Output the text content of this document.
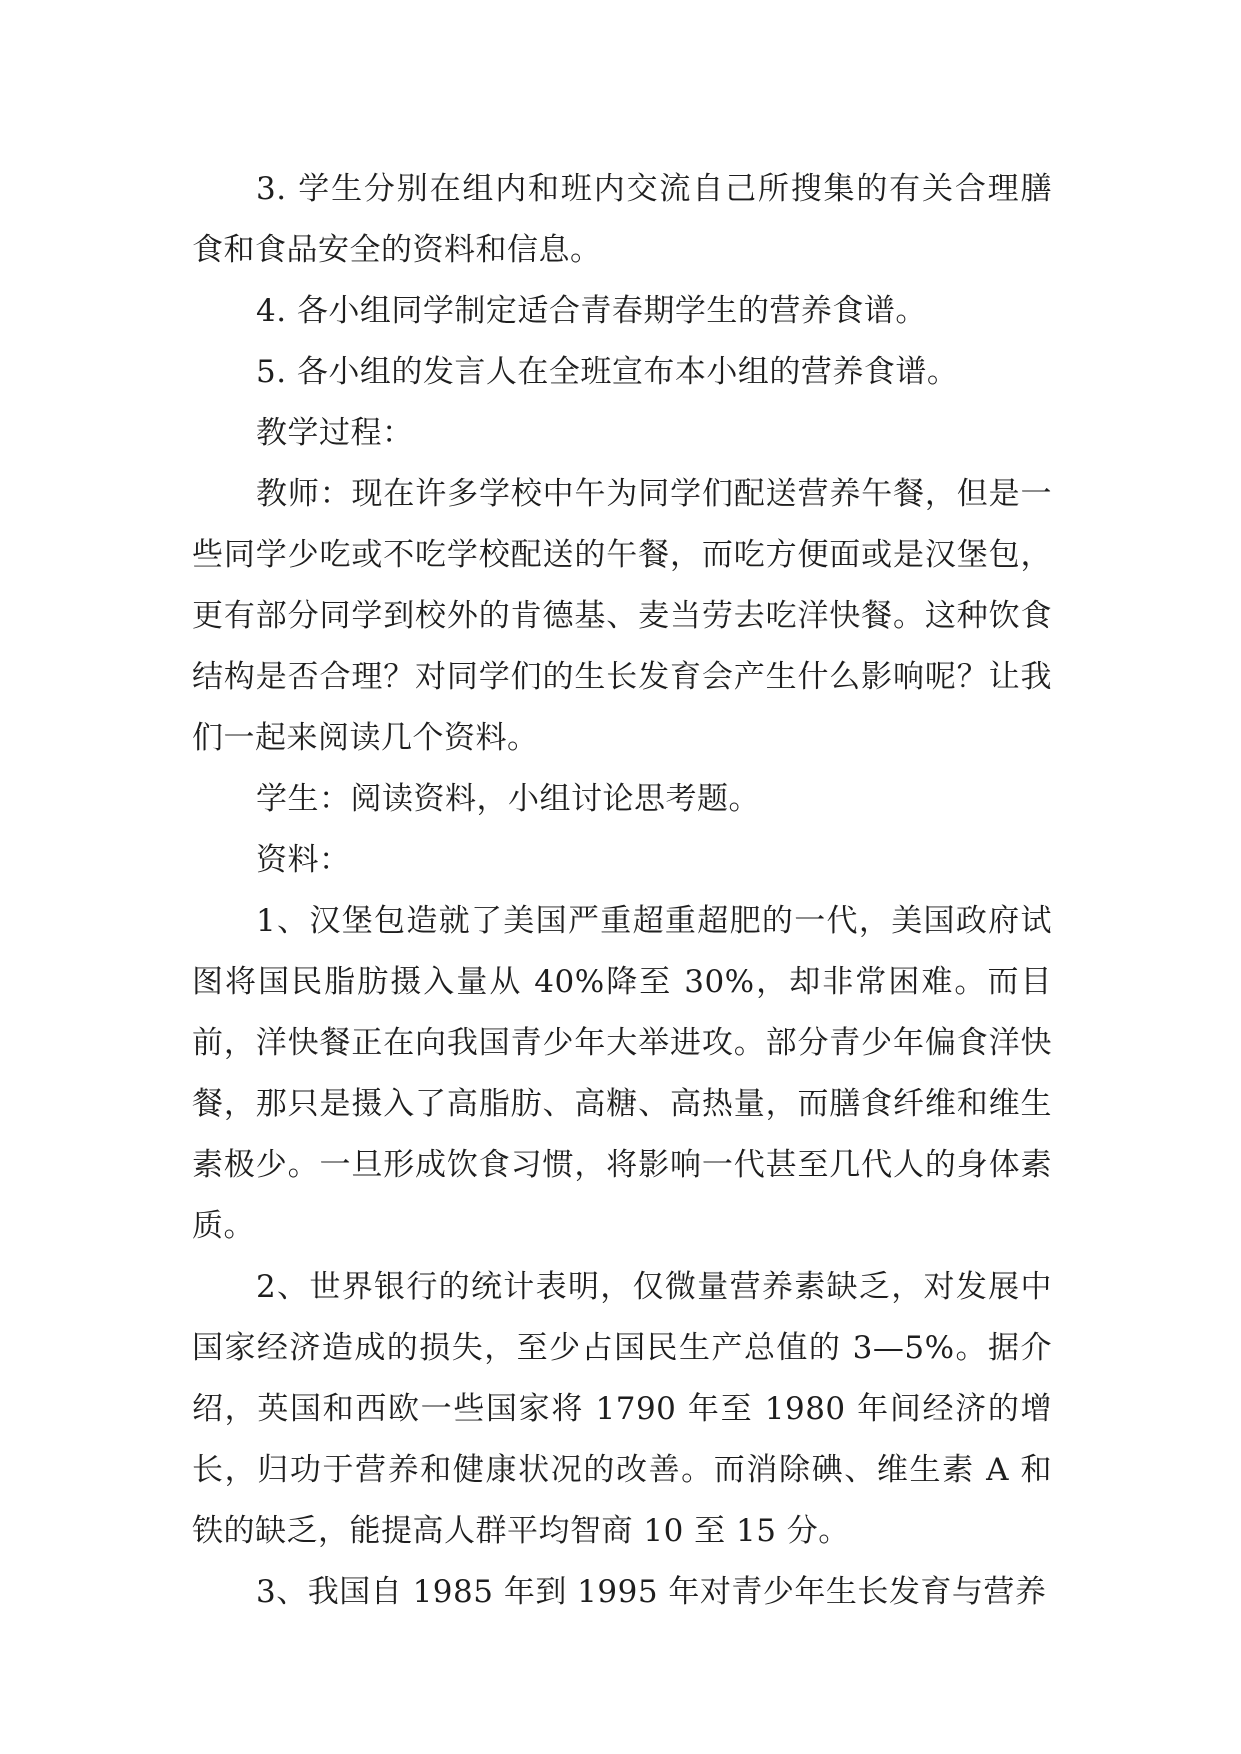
3. 学生分别在组内和班内交流自己所搜集的有关合理膳食和食品安全的资料和信息。

4. 各小组同学制定适合青春期学生的营养食谱。

5. 各小组的发言人在全班宣布本小组的营养食谱。

教学过程：

教师：现在许多学校中午为同学们配送营养午餐，但是一些同学少吃或不吃学校配送的午餐，而吃方便面或是汉堡包，更有部分同学到校外的肯德基、麦当劳去吃洋快餐。这种饮食结构是否合理？对同学们的生长发育会产生什么影响呢？让我们一起来阅读几个资料。

学生：阅读资料，小组讨论思考题。

资料：

1、汉堡包造就了美国严重超重超肥的一代，美国政府试图将国民脂肪摄入量从 40%降至 30%，却非常困难。而目前，洋快餐正在向我国青少年大举进攻。部分青少年偏食洋快餐，那只是摄入了高脂肪、高糖、高热量，而膳食纤维和维生素极少。一旦形成饮食习惯，将影响一代甚至几代人的身体素质。

2、世界银行的统计表明，仅微量营养素缺乏，对发展中国家经济造成的损失，至少占国民生产总值的 3—5%。据介绍，英国和西欧一些国家将 1790 年至 1980 年间经济的增长，归功于营养和健康状况的改善。而消除碘、维生素 A 和铁的缺乏，能提高人群平均智商 10 至 15 分。

3、我国自 1985 年到 1995 年对青少年生长发育与营养
